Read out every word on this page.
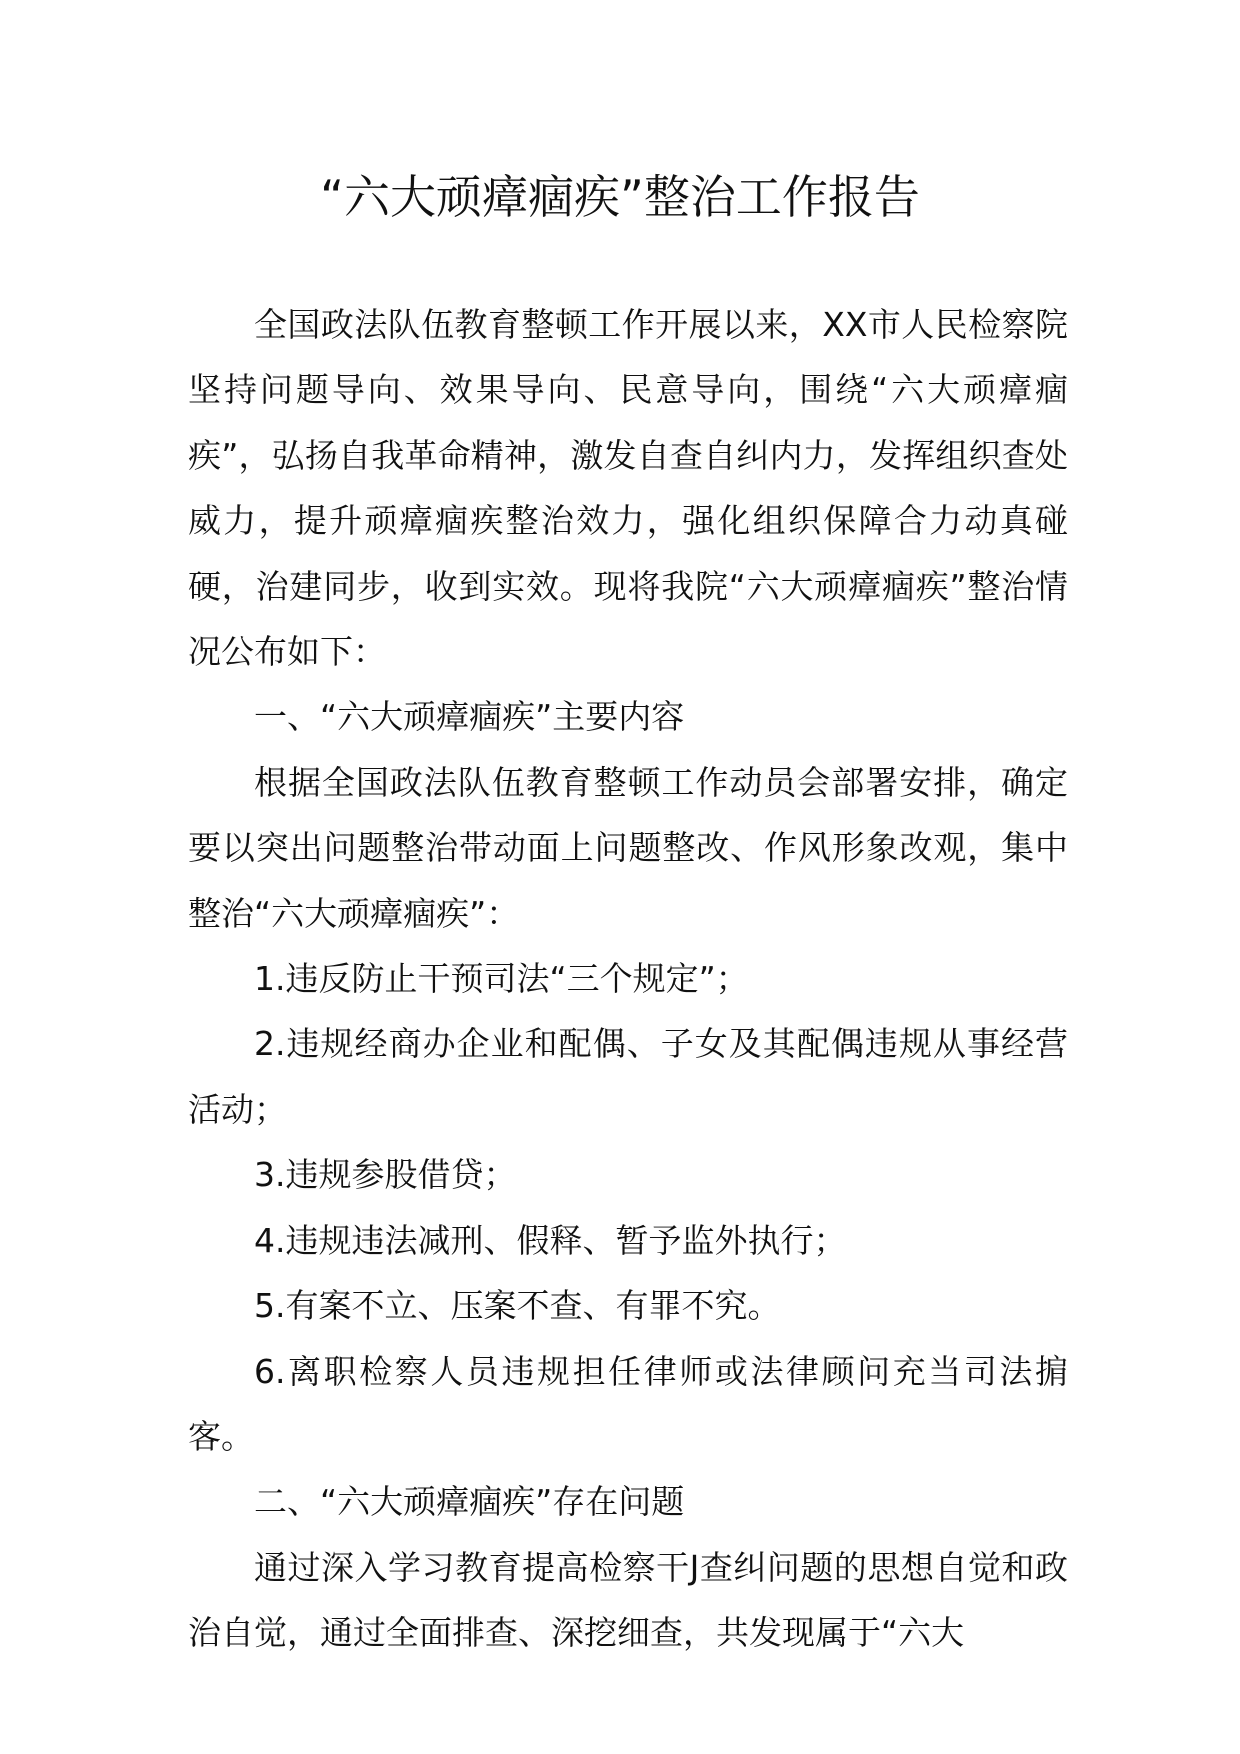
“六大顽瘴痼疾”整治工作报告

全国政法队伍教育整顿工作开展以来，XX市人民检察院坚持问题导向、效果导向、民意导向，围绕“六大顽瘴痼疾”，弘扬自我革命精神，激发自查自纠内力，发挥组织查处威力，提升顽瘴痼疾整治效力，强化组织保障合力动真碰硬，治建同步，收到实效。现将我院“六大顽瘴痼疾”整治情况公布如下：

一、“六大顽瘴痼疾”主要内容

根据全国政法队伍教育整顿工作动员会部署安排，确定要以突出问题整治带动面上问题整改、作风形象改观，集中整治“六大顽瘴痼疾”：

1.违反防止干预司法“三个规定”；

2.违规经商办企业和配偶、子女及其配偶违规从事经营活动；

3.违规参股借贷；

4.违规违法减刑、假释、暂予监外执行；

5.有案不立、压案不查、有罪不究。

6.离职检察人员违规担任律师或法律顾问充当司法掮客。

二、“六大顽瘴痼疾”存在问题

通过深入学习教育提高检察干J查纠问题的思想自觉和政治自觉，通过全面排查、深挖细查，共发现属于“六大
